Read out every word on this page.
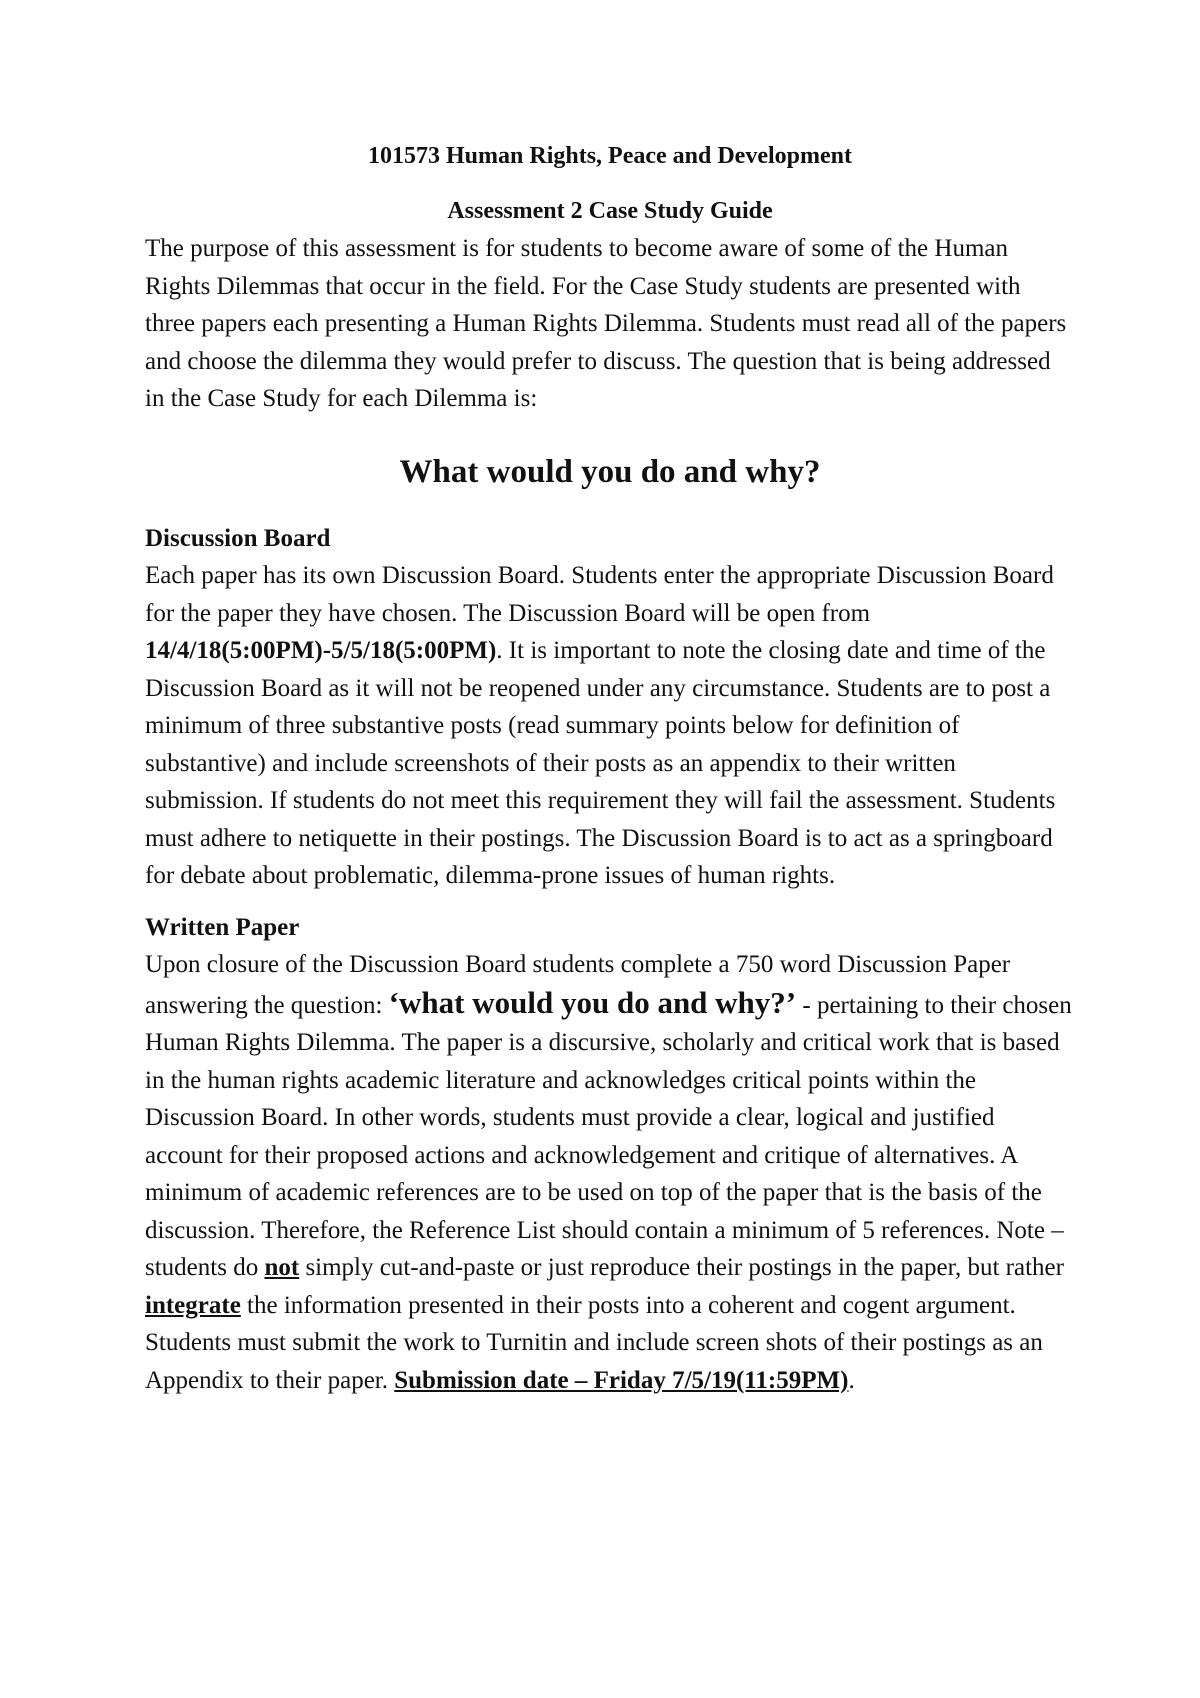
101573 Human Rights, Peace and Development
Assessment 2 Case Study Guide

The purpose of this assessment is for students to become aware of some of the Human Rights Dilemmas that occur in the field. For the Case Study students are presented with three papers each presenting a Human Rights Dilemma. Students must read all of the papers and choose the dilemma they would prefer to discuss. The question that is being addressed in the Case Study for each Dilemma is:

What would you do and why?
Discussion Board

Each paper has its own Discussion Board. Students enter the appropriate Discussion Board for the paper they have chosen. The Discussion Board will be open from 14/4/18(5:00PM)-5/5/18(5:00PM). It is important to note the closing date and time of the Discussion Board as it will not be reopened under any circumstance. Students are to post a minimum of three substantive posts (read summary points below for definition of substantive) and include screenshots of their posts as an appendix to their written submission. If students do not meet this requirement they will fail the assessment. Students must adhere to netiquette in their postings. The Discussion Board is to act as a springboard for debate about problematic, dilemma-prone issues of human rights.

Written Paper

Upon closure of the Discussion Board students complete a 750 word Discussion Paper answering the question: ‘what would you do and why?’ - pertaining to their chosen Human Rights Dilemma. The paper is a discursive, scholarly and critical work that is based in the human rights academic literature and acknowledges critical points within the Discussion Board. In other words, students must provide a clear, logical and justified account for their proposed actions and acknowledgement and critique of alternatives. A minimum of academic references are to be used on top of the paper that is the basis of the discussion. Therefore, the Reference List should contain a minimum of 5 references. Note – students do not simply cut-and-paste or just reproduce their postings in the paper, but rather integrate the information presented in their posts into a coherent and cogent argument. Students must submit the work to Turnitin and include screen shots of their postings as an Appendix to their paper. Submission date – Friday 7/5/19(11:59PM).
